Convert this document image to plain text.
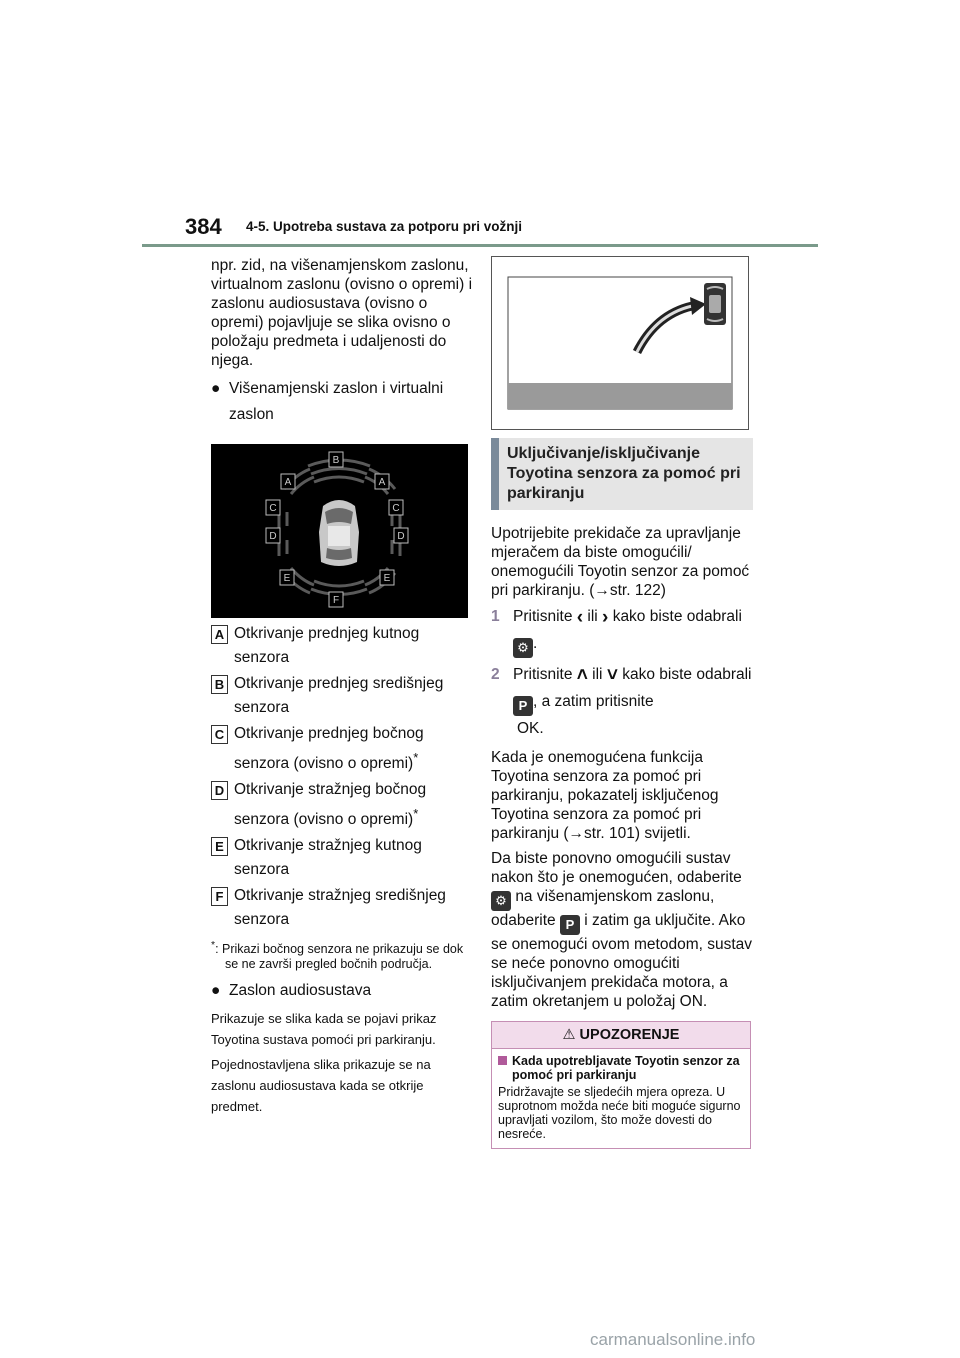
384 4-5. Upotreba sustava za potporu pri vožnji

npr. zid, na višenamjenskom zaslonu, virtualnom zaslonu (ovisno o opremi) i zaslonu audiosustava (ovisno o opremi) pojavljuje se slika ovisno o položaju predmeta i udaljenosti do njega.

● Višenamjenski zaslon i virtualni zaslon
B
A	A
C	C
D	D
E	E
F
A Otkrivanje prednjeg kutnog senzora
B Otkrivanje prednjeg središnjeg senzora
C Otkrivanje prednjeg bočnog senzora (ovisno o opremi)*
D Otkrivanje stražnjeg bočnog senzora (ovisno o opremi)*
E Otkrivanje stražnjeg kutnog senzora
F Otkrivanje stražnjeg središnjeg senzora

*: Prikazi bočnog senzora ne prikazuju se dok se ne završi pregled bočnih područja.

● Zaslon audiosustava

Prikazuje se slika kada se pojavi prikaz Toyotina sustava pomoći pri parkiranju.

Pojednostavljena slika prikazuje se na zaslonu audiosustava kada se otkrije predmet.

Uključivanje/isključivanje Toyotina senzora za pomoć pri parkiranju

Upotrijebite prekidače za upravljanje mjeračem da biste omogućili/ onemogućili Toyotin senzor za pomoć pri parkiranju. (→str. 122)

1 Pritisnite ‹ ili › kako biste odabrali ⚙ .
2 Pritisnite ˄ ili ˅ kako biste odabrali P , a zatim pritisnite
OK.

Kada je onemogućena funkcija Toyotina senzora za pomoć pri parkiranju, pokazatelj isključenog Toyotina senzora za pomoć pri parkiranju (→str. 101) svijetli.

Da biste ponovno omogućili sustav nakon što je onemogućen, odaberite
⚙ na višenamjenskom zaslonu,
odaberite P i zatim ga uključite. Ako se onemogući ovom metodom, sustav se neće ponovno omogućiti isključivanjem prekidača motora, a zatim okretanjem u položaj ON.

⚠ UPOZORENJE
Kada upotrebljavate Toyotin senzor za pomoć pri parkiranju

Pridržavajte se sljedećih mjera opreza. U suprotnom možda neće biti moguće sigurno upravljati vozilom, što može dovesti do nesreće.

carmanualsonline.info
